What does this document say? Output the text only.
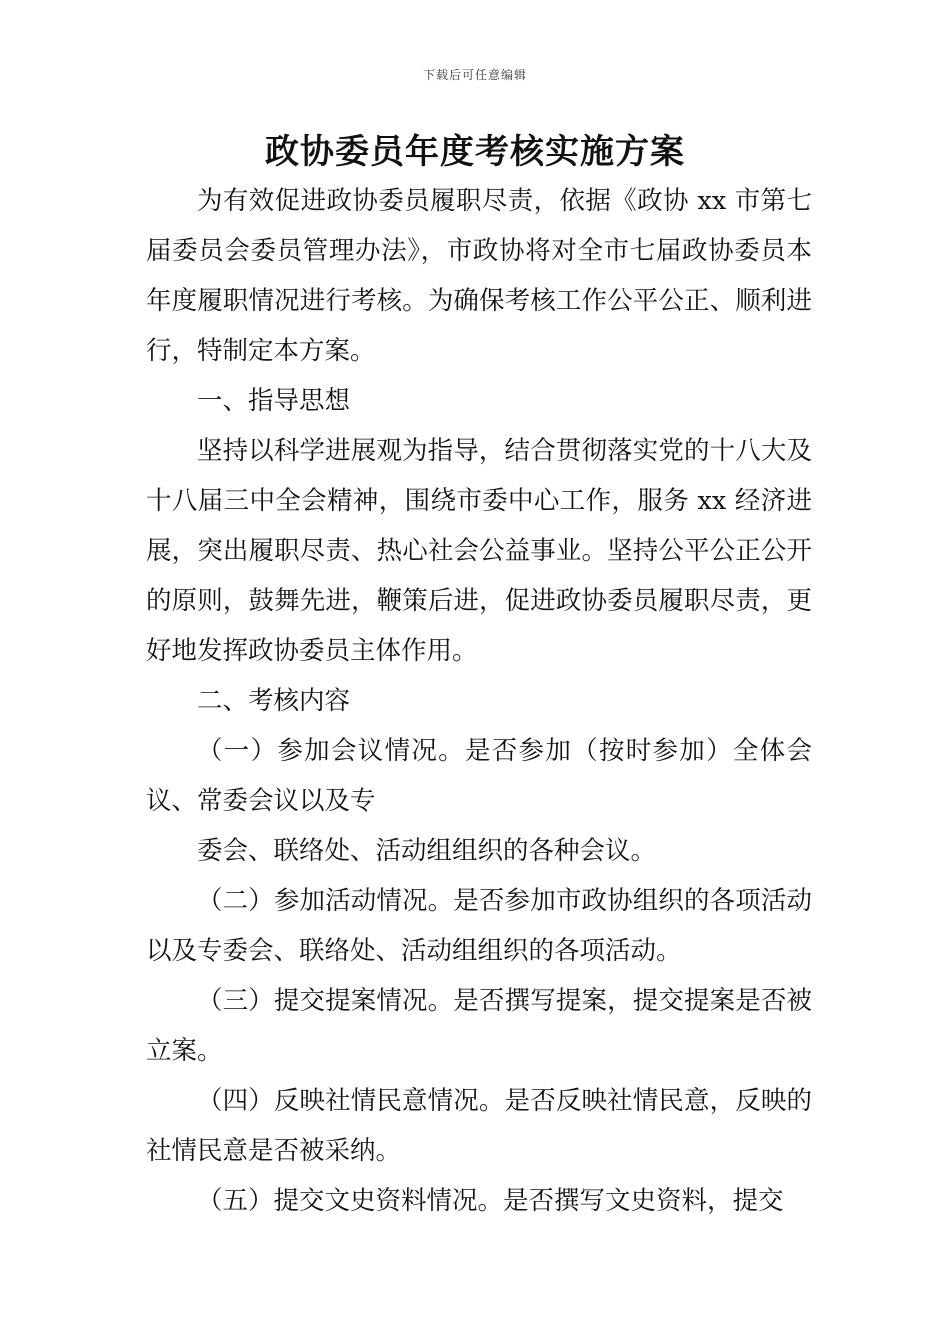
下载后可任意编辑
政协委员年度考核实施方案

为有效促进政协委员履职尽责，依据《政协 xx 市第七届委员会委员管理办法》，市政协将对全市七届政协委员本年度履职情况进行考核。为确保考核工作公平公正、顺利进行，特制定本方案。

一、指导思想

坚持以科学进展观为指导，结合贯彻落实党的十八大及十八届三中全会精神，围绕市委中心工作，服务 xx 经济进展，突出履职尽责、热心社会公益事业。坚持公平公正公开的原则，鼓舞先进，鞭策后进，促进政协委员履职尽责，更好地发挥政协委员主体作用。

二、考核内容

（一）参加会议情况。是否参加（按时参加）全体会议、常委会议以及专

委会、联络处、活动组组织的各种会议。

（二）参加活动情况。是否参加市政协组织的各项活动以及专委会、联络处、活动组组织的各项活动。

（三）提交提案情况。是否撰写提案，提交提案是否被立案。

（四）反映社情民意情况。是否反映社情民意，反映的社情民意是否被采纳。

（五）提交文史资料情况。是否撰写文史资料，提交
